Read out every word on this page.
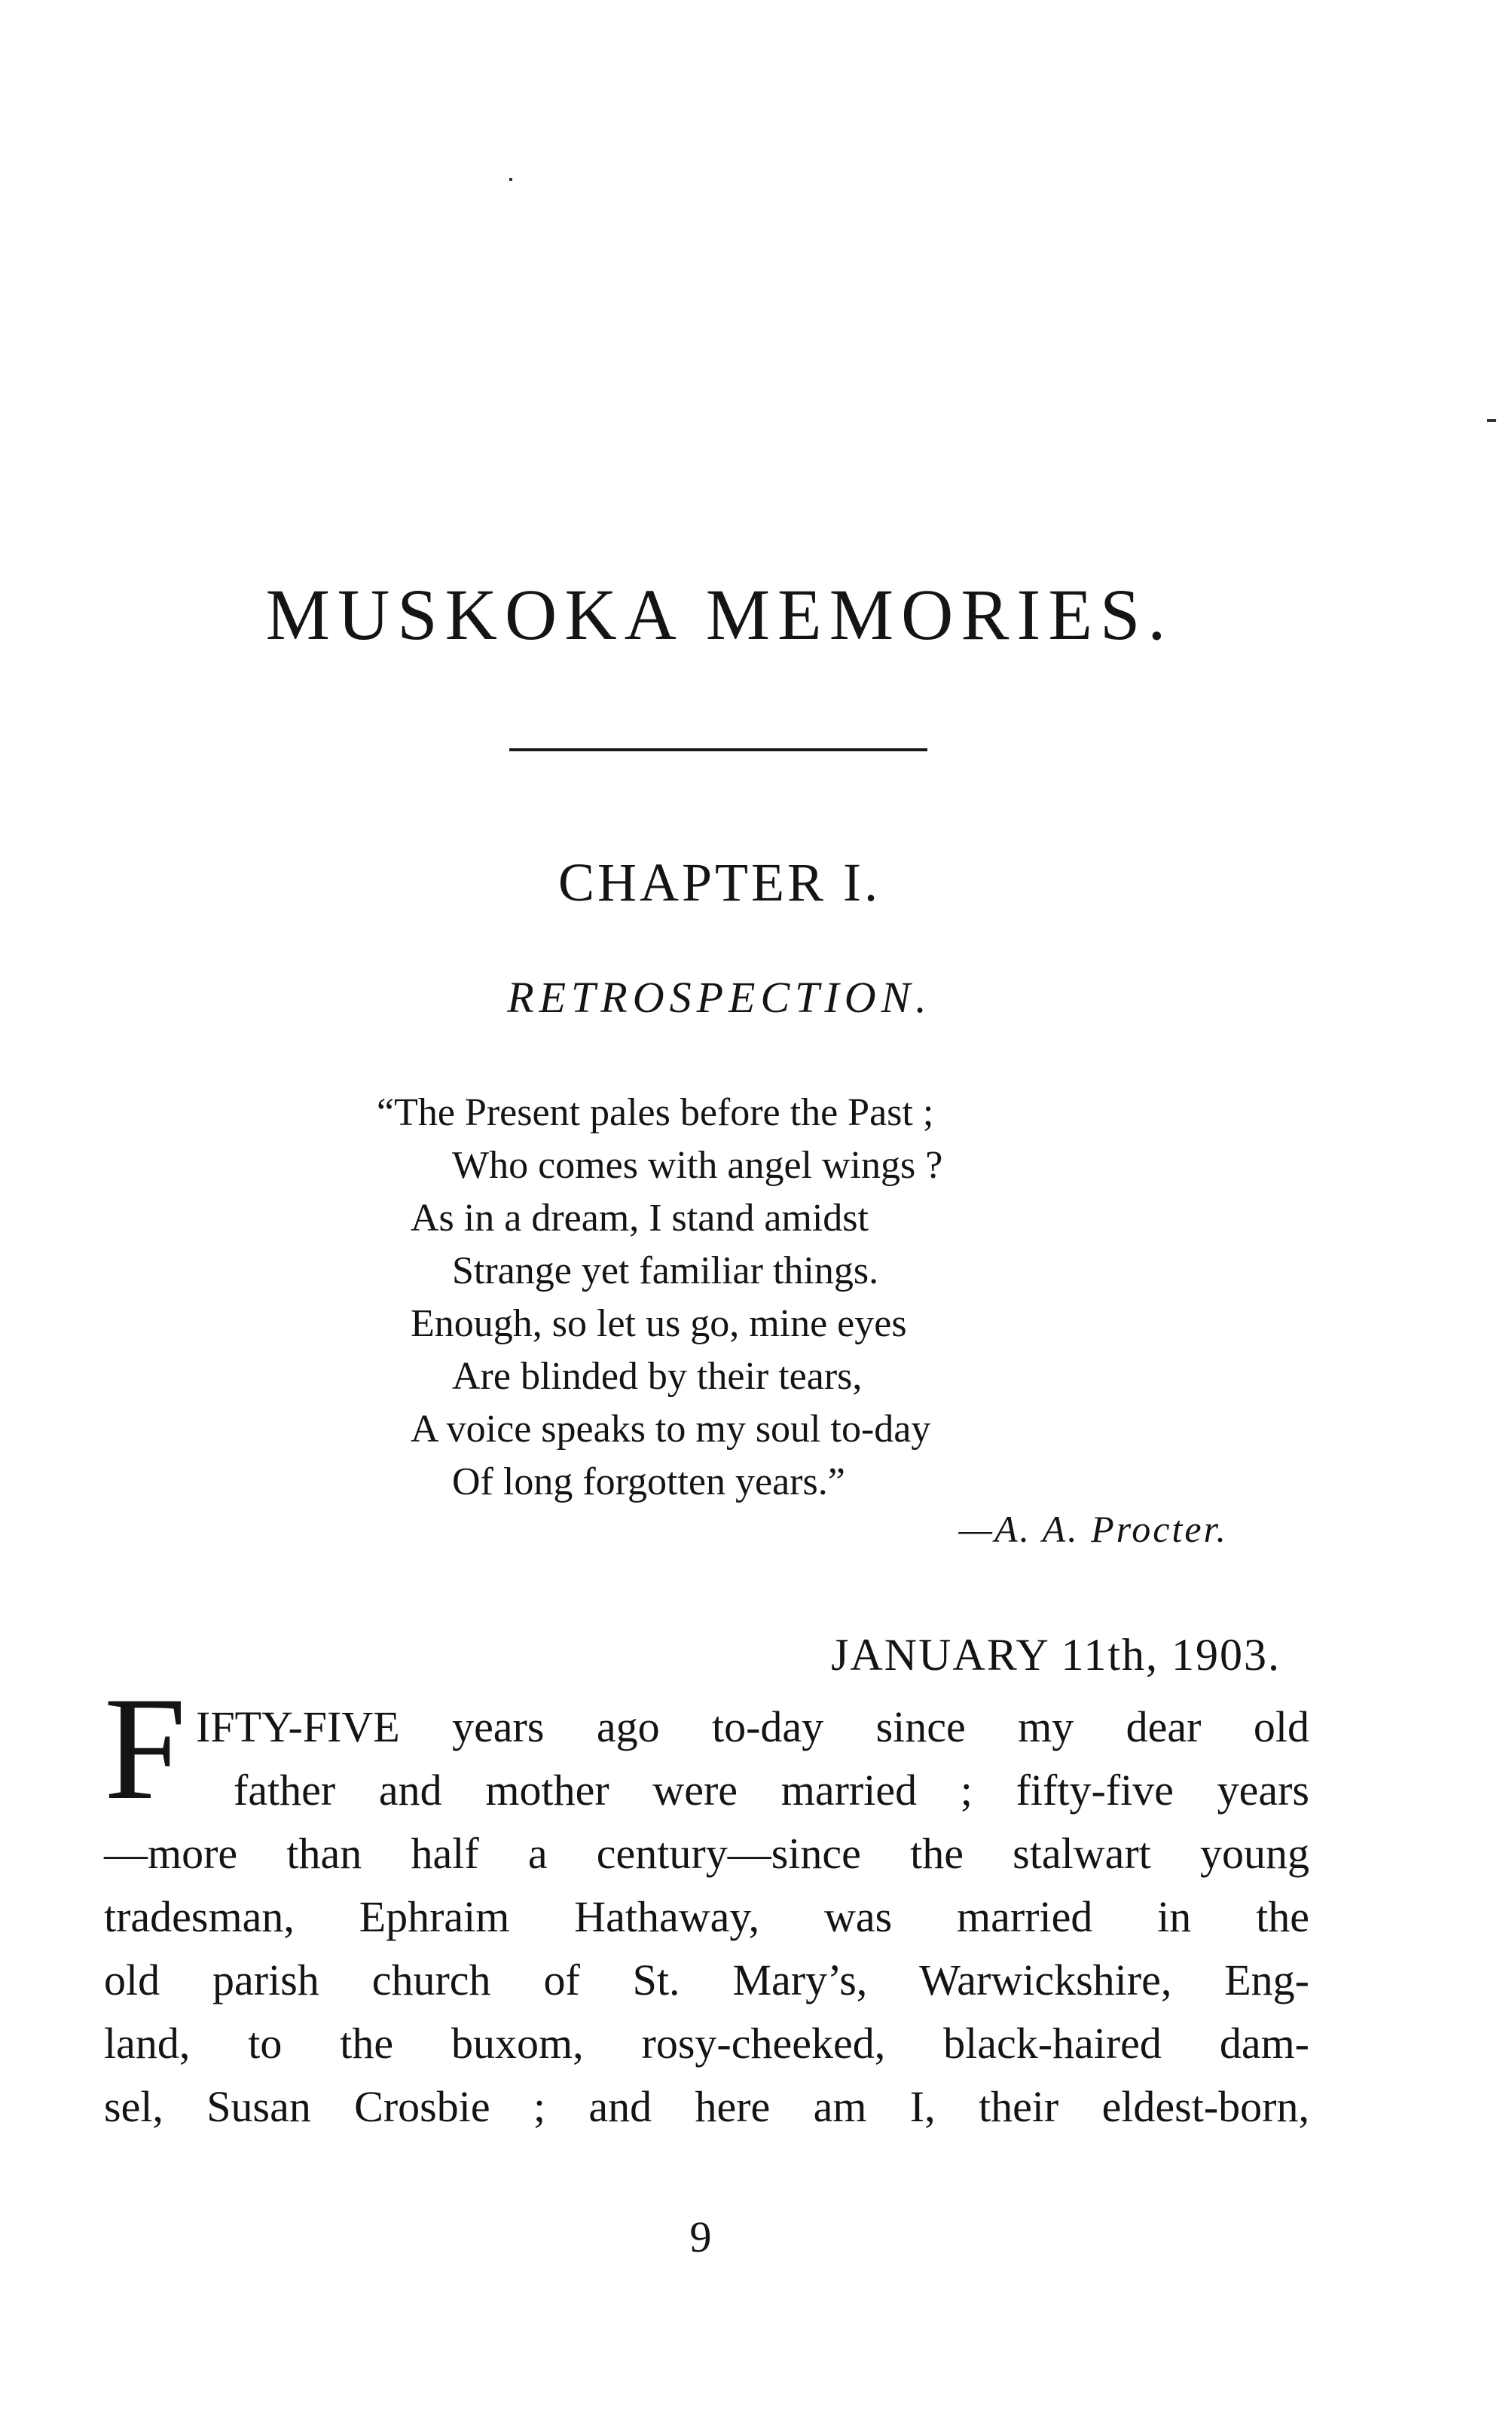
MUSKOKA MEMORIES.
CHAPTER I.
RETROSPECTION.
“The Present pales before the Past ;
Who comes with angel wings ?
As in a dream, I stand amidst
Strange yet familiar things.
Enough, so let us go, mine eyes
Are blinded by their tears,
A voice speaks to my soul to-day
Of long forgotten years.”
—A. A. Procter.
JANUARY 11th, 1903.
F IFTY-FIVE years ago to-day since my dear old
father and mother were married ; fifty-five years
—more than half a century—since the stalwart young
tradesman, Ephraim Hathaway, was married in the
old parish church of St. Mary’s, Warwickshire, Eng-
land, to the buxom, rosy-cheeked, black-haired dam-
sel, Susan Crosbie ; and here am I, their eldest-born,
9
